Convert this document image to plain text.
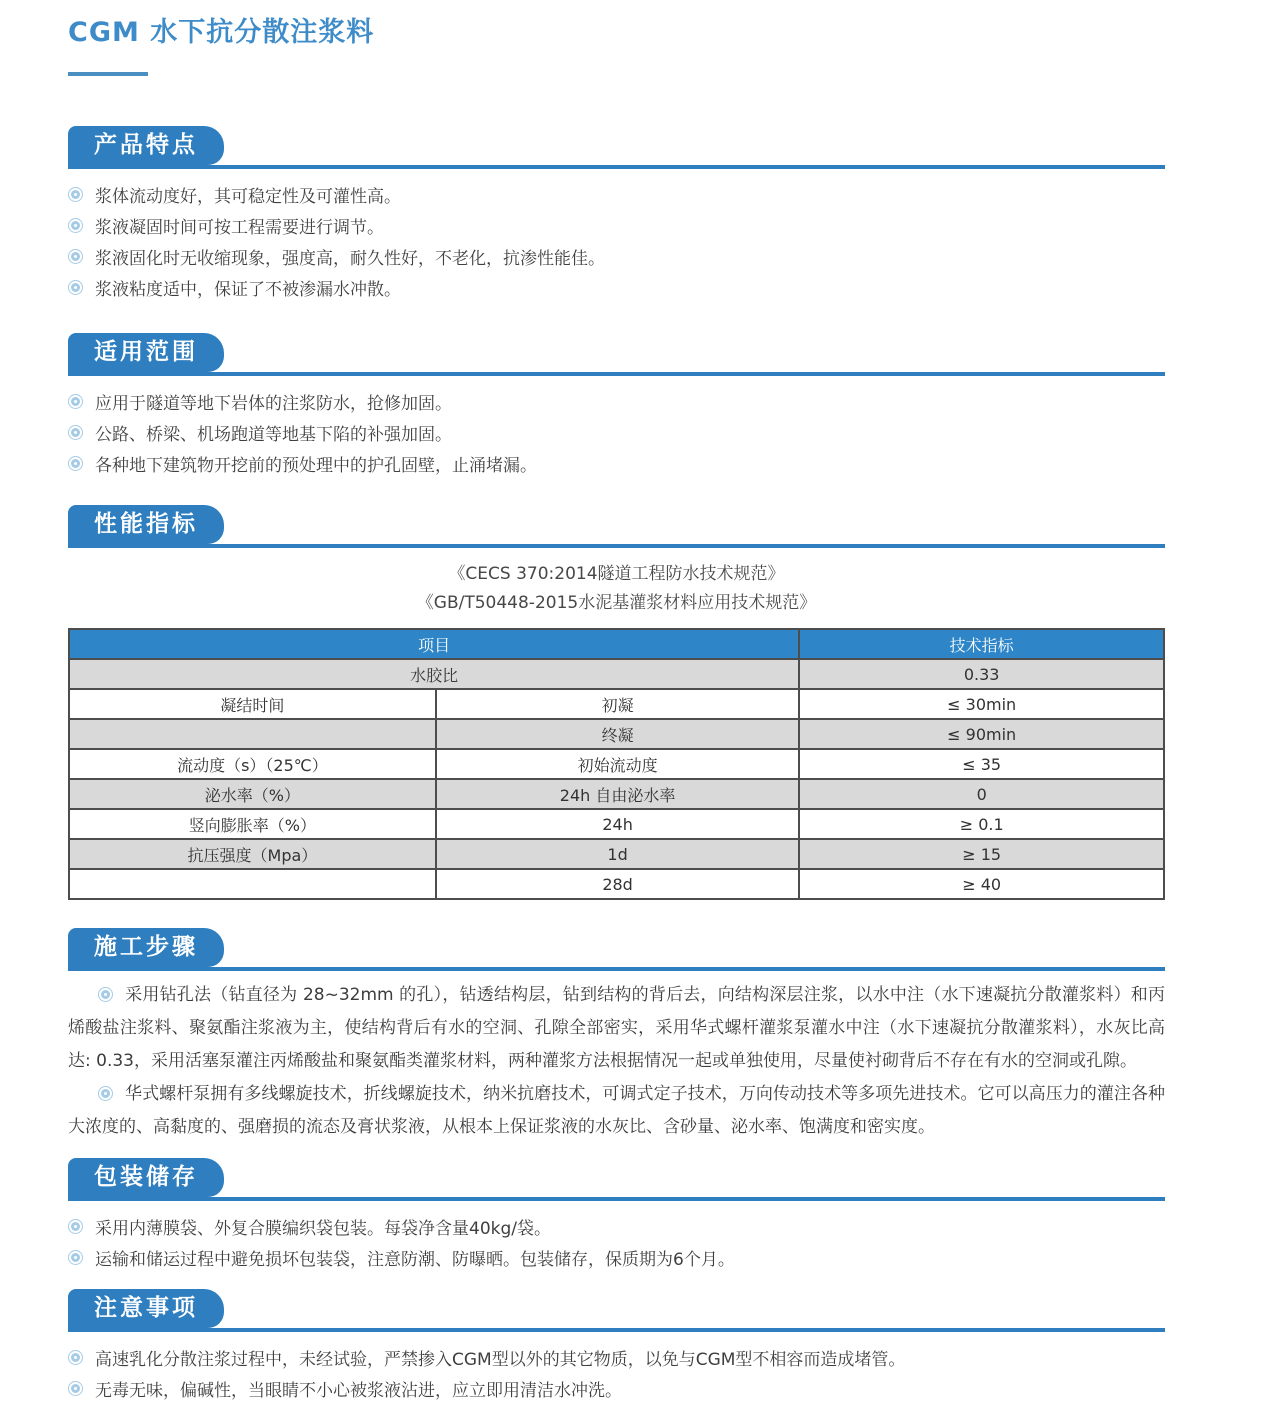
CGM 水下抗分散注浆料
产品特点
浆体流动度好，其可稳定性及可灌性高。
浆液凝固时间可按工程需要进行调节。
浆液固化时无收缩现象，强度高，耐久性好，不老化，抗渗性能佳。
浆液粘度适中，保证了不被渗漏水冲散。
适用范围
应用于隧道等地下岩体的注浆防水，抢修加固。
公路、桥梁、机场跑道等地基下陷的补强加固。
各种地下建筑物开挖前的预处理中的护孔固壁，止涌堵漏。
性能指标
《CECS 370:2014隧道工程防水技术规范》
《GB/T50448-2015水泥基灌浆材料应用技术规范》
项目		技术指标
水胶比		0.33
凝结时间	初凝	≤ 30min
	终凝	≤ 90min
流动度（s）（25℃）	初始流动度	≤ 35
泌水率（%）	24h 自由泌水率	0
竖向膨胀率（%）	24h	≥ 0.1
抗压强度（Mpa）	1d	≥ 15
	28d	≥ 40
施工步骤
采用钻孔法（钻直径为 28~32mm 的孔），钻透结构层，钻到结构的背后去，向结构深层注浆，以水中注（水下速凝抗分散灌浆料）和丙烯酸盐注浆料、聚氨酯注浆液为主，使结构背后有水的空洞、孔隙全部密实，采用华式螺杆灌浆泵灌水中注（水下速凝抗分散灌浆料），水灰比高达: 0.33，采用活塞泵灌注丙烯酸盐和聚氨酯类灌浆材料，两种灌浆方法根据情况一起或单独使用，尽量使衬砌背后不存在有水的空洞或孔隙。
华式螺杆泵拥有多线螺旋技术，折线螺旋技术，纳米抗磨技术，可调式定子技术，万向传动技术等多项先进技术。它可以高压力的灌注各种大浓度的、高黏度的、强磨损的流态及膏状浆液，从根本上保证浆液的水灰比、含砂量、泌水率、饱满度和密实度。
包装储存
采用内薄膜袋、外复合膜编织袋包装。每袋净含量40kg/袋。
运输和储运过程中避免损坏包装袋，注意防潮、防曝晒。包装储存，保质期为6个月。
注意事项
高速乳化分散注浆过程中，未经试验，严禁掺入CGM型以外的其它物质，以免与CGM型不相容而造成堵管。
无毒无味，偏碱性，当眼睛不小心被浆液沾进，应立即用清洁水冲洗。
